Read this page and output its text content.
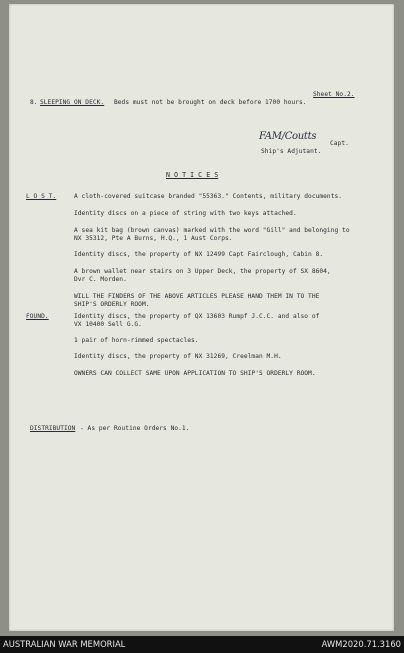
Sheet No.2.
8. SLEEPING ON DECK. Beds must not be brought on deck before 1700 hours.
FAM/Coutts
Capt.
Ship's Adjutant.
N O T I C E S
L O S T.	A cloth-covered suitcase branded "55363." Contents, military documents.
Identity discs on a piece of string with two keys attached.
A sea kit bag (brown canvas) marked with the word "Gill" and belonging to
NX 35312, Pte A Burns, H.Q., 1 Aust Corps.
Identity discs, the property of NX 12499 Capt Fairclough, Cabin 8.
A brown wallet near stairs on 3 Upper Deck, the property of SX 8604,
Dvr C. Morden.
WILL THE FINDERS OF THE ABOVE ARTICLES PLEASE HAND THEM IN TO THE
SHIP'S ORDERLY ROOM.
FOUND.	Identity discs, the property of QX 13603 Rumpf J.C.C. and also of
VX 10400 Sell G.G.
1 pair of horn-rimmed spectacles.
Identity discs, the property of NX 31269, Creelman M.H.
OWNERS CAN COLLECT SAME UPON APPLICATION TO SHIP'S ORDERLY ROOM.
DISTRIBUTION - As per Routine Orders No.1.
AUSTRALIAN WAR MEMORIAL	AWM2020.71.3160
